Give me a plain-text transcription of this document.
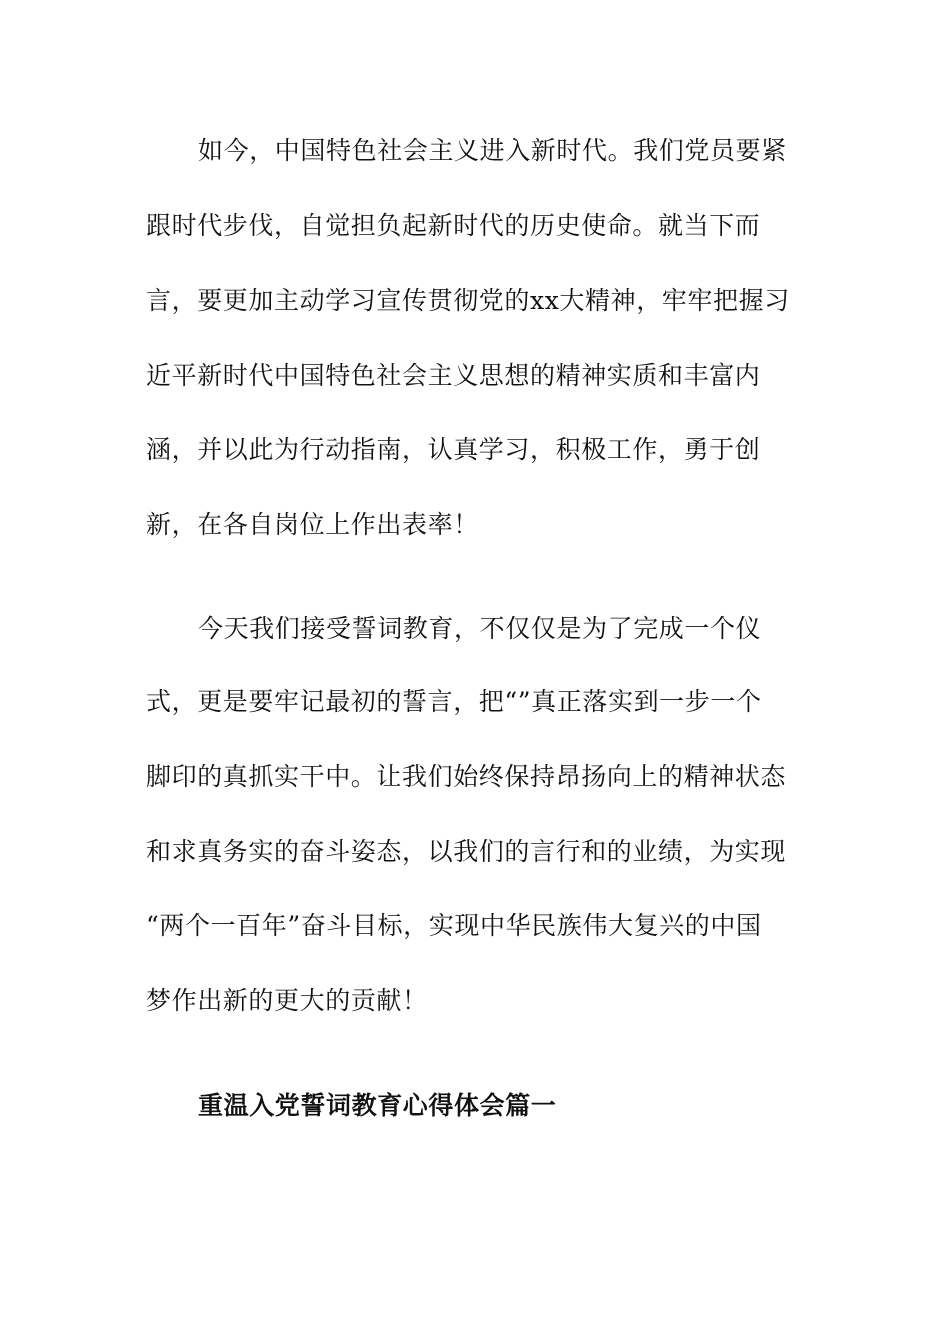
如今，中国特色社会主义进入新时代。我们党员要紧
跟时代步伐，自觉担负起新时代的历史使命。就当下而
言，要更加主动学习宣传贯彻党的xx大精神，牢牢把握习
近平新时代中国特色社会主义思想的精神实质和丰富内
涵，并以此为行动指南，认真学习，积极工作，勇于创
新，在各自岗位上作出表率！
今天我们接受誓词教育，不仅仅是为了完成一个仪
式，更是要牢记最初的誓言，把“”真正落实到一步一个
脚印的真抓实干中。让我们始终保持昂扬向上的精神状态
和求真务实的奋斗姿态，以我们的言行和的业绩，为实现
“两个一百年”奋斗目标，实现中华民族伟大复兴的中国
梦作出新的更大的贡献！
重温入党誓词教育心得体会篇一
